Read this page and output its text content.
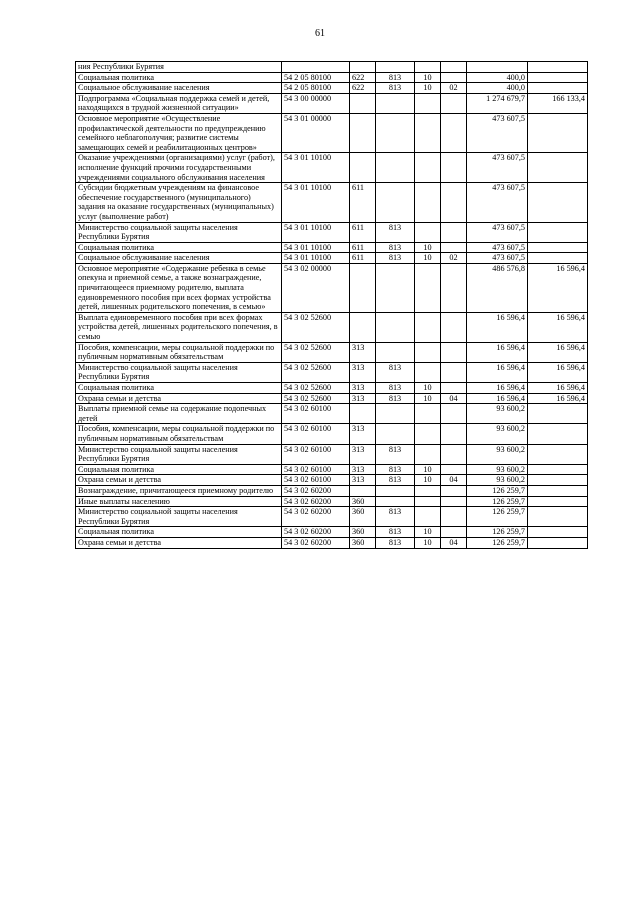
61
ния Республики Бурятия							
Социальная политика	54 2 05 80100	622	813	10		400,0	
Социальное обслуживание населения	54 2 05 80100	622	813	10	02	400,0	
Подпрограмма «Социальная поддержка семей и детей, находящихся в трудной жизненной ситуации»	54 3 00 00000					1 274 679,7	166 133,4
Основное мероприятие «Осуществление профилактической деятельности по предупреждению семейного неблагополучия; развитие системы замещающих семей и реабилитационных центров»	54 3 01 00000					473 607,5	
Оказание учреждениями (организациями) услуг (работ), исполнение функций прочими государственными учреждениями социального обслуживания населения	54 3 01 10100					473 607,5	
Субсидии бюджетным учреждениям на финансовое обеспечение государственного (муниципального) задания на оказание государственных (муниципальных) услуг (выполнение работ)	54 3 01 10100	611				473 607,5	
Министерство социальной защиты населения Республики Бурятия	54 3 01 10100	611	813			473 607,5	
Социальная политика	54 3 01 10100	611	813	10		473 607,5	
Социальное обслуживание населения	54 3 01 10100	611	813	10	02	473 607,5	
Основное мероприятие «Содержание ребенка в семье опекуна и приемной семье, а также вознаграждение, причитающееся приемному родителю, выплата единовременного пособия при всех формах устройства детей, лишенных родительского попечения, в семью»	54 3 02 00000					486 576,8	16 596,4
Выплата единовременного пособия при всех формах устройства детей, лишенных родительского попечения, в семью	54 3 02 52600					16 596,4	16 596,4
Пособия, компенсации, меры социальной поддержки по публичным нормативным обязательствам	54 3 02 52600	313				16 596,4	16 596,4
Министерство социальной защиты населения Республики Бурятия	54 3 02 52600	313	813			16 596,4	16 596,4
Социальная политика	54 3 02 52600	313	813	10		16 596,4	16 596,4
Охрана семьи и детства	54 3 02 52600	313	813	10	04	16 596,4	16 596,4
Выплаты приемной семье на содержание подопечных детей	54 3 02 60100					93 600,2	
Пособия, компенсации, меры социальной поддержки по публичным нормативным обязательствам	54 3 02 60100	313				93 600,2	
Министерство социальной защиты населения Республики Бурятия	54 3 02 60100	313	813			93 600,2	
Социальная политика	54 3 02 60100	313	813	10		93 600,2	
Охрана семьи и детства	54 3 02 60100	313	813	10	04	93 600,2	
Вознаграждение, причитающееся приемному родителю	54 3 02 60200					126 259,7	
Иные выплаты населению	54 3 02 60200	360				126 259,7	
Министерство социальной защиты населения Республики Бурятия	54 3 02 60200	360	813			126 259,7	
Социальная политика	54 3 02 60200	360	813	10		126 259,7	
Охрана семьи и детства	54 3 02 60200	360	813	10	04	126 259,7	
